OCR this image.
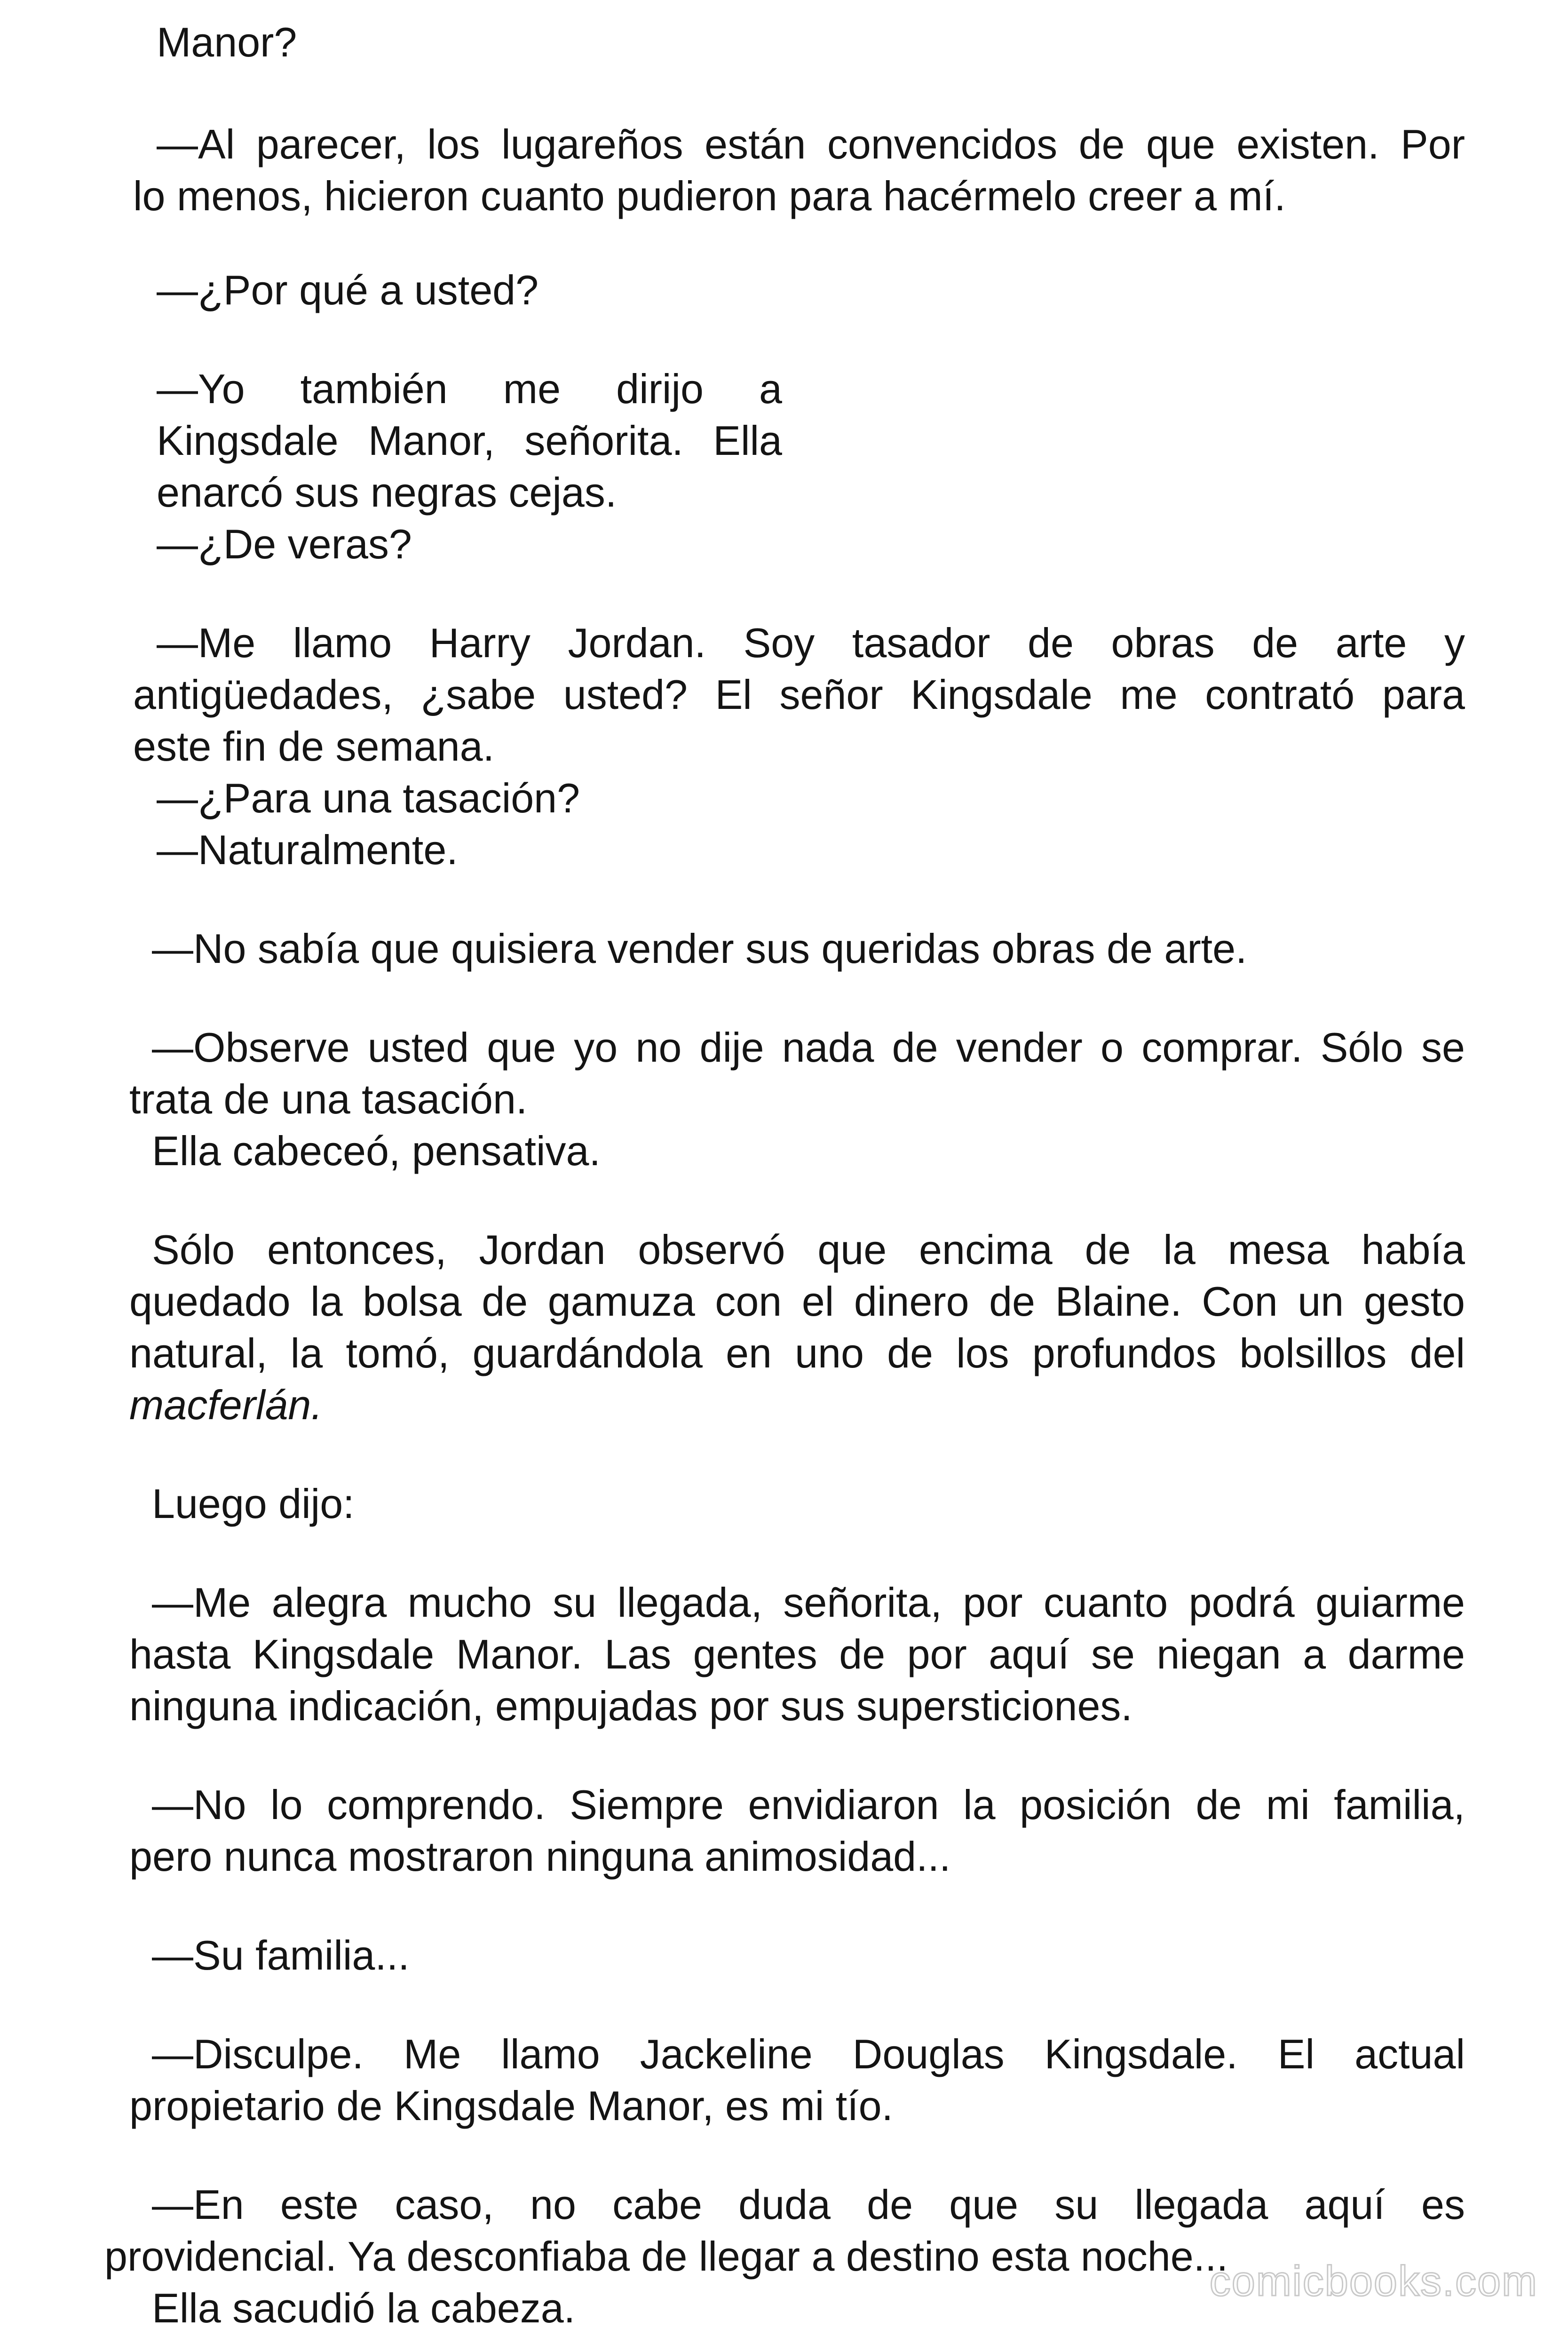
Manor?
—Al parecer, los lugareños están convencidos de que existen. Por
lo menos, hicieron cuanto pudieron para hacérmelo creer a mí.
—¿Por qué a usted?
—Yo también me dirijo a
Kingsdale Manor, señorita. Ella
enarcó sus negras cejas.
—¿De veras?
—Me llamo Harry Jordan. Soy tasador de obras de arte y
antigüedades, ¿sabe usted? El señor Kingsdale me contrató para
este fin de semana.
—¿Para una tasación?
—Naturalmente.
—No sabía que quisiera vender sus queridas obras de arte.
—Observe usted que yo no dije nada de vender o comprar. Sólo se
trata de una tasación.
Ella cabeceó, pensativa.
Sólo entonces, Jordan observó que encima de la mesa había
quedado la bolsa de gamuza con el dinero de Blaine. Con un gesto
natural, la tomó, guardándola en uno de los profundos bolsillos del
macferlán.
Luego dijo:
—Me alegra mucho su llegada, señorita, por cuanto podrá guiarme
hasta Kingsdale Manor. Las gentes de por aquí se niegan a darme
ninguna indicación, empujadas por sus supersticiones.
—No lo comprendo. Siempre envidiaron la posición de mi familia,
pero nunca mostraron ninguna animosidad...
—Su familia...
—Disculpe. Me llamo Jackeline Douglas Kingsdale. El actual
propietario de Kingsdale Manor, es mi tío.
—En este caso, no cabe duda de que su llegada aquí es
providencial. Ya desconfiaba de llegar a destino esta noche...
Ella sacudió la cabeza.
comicbooks.com
